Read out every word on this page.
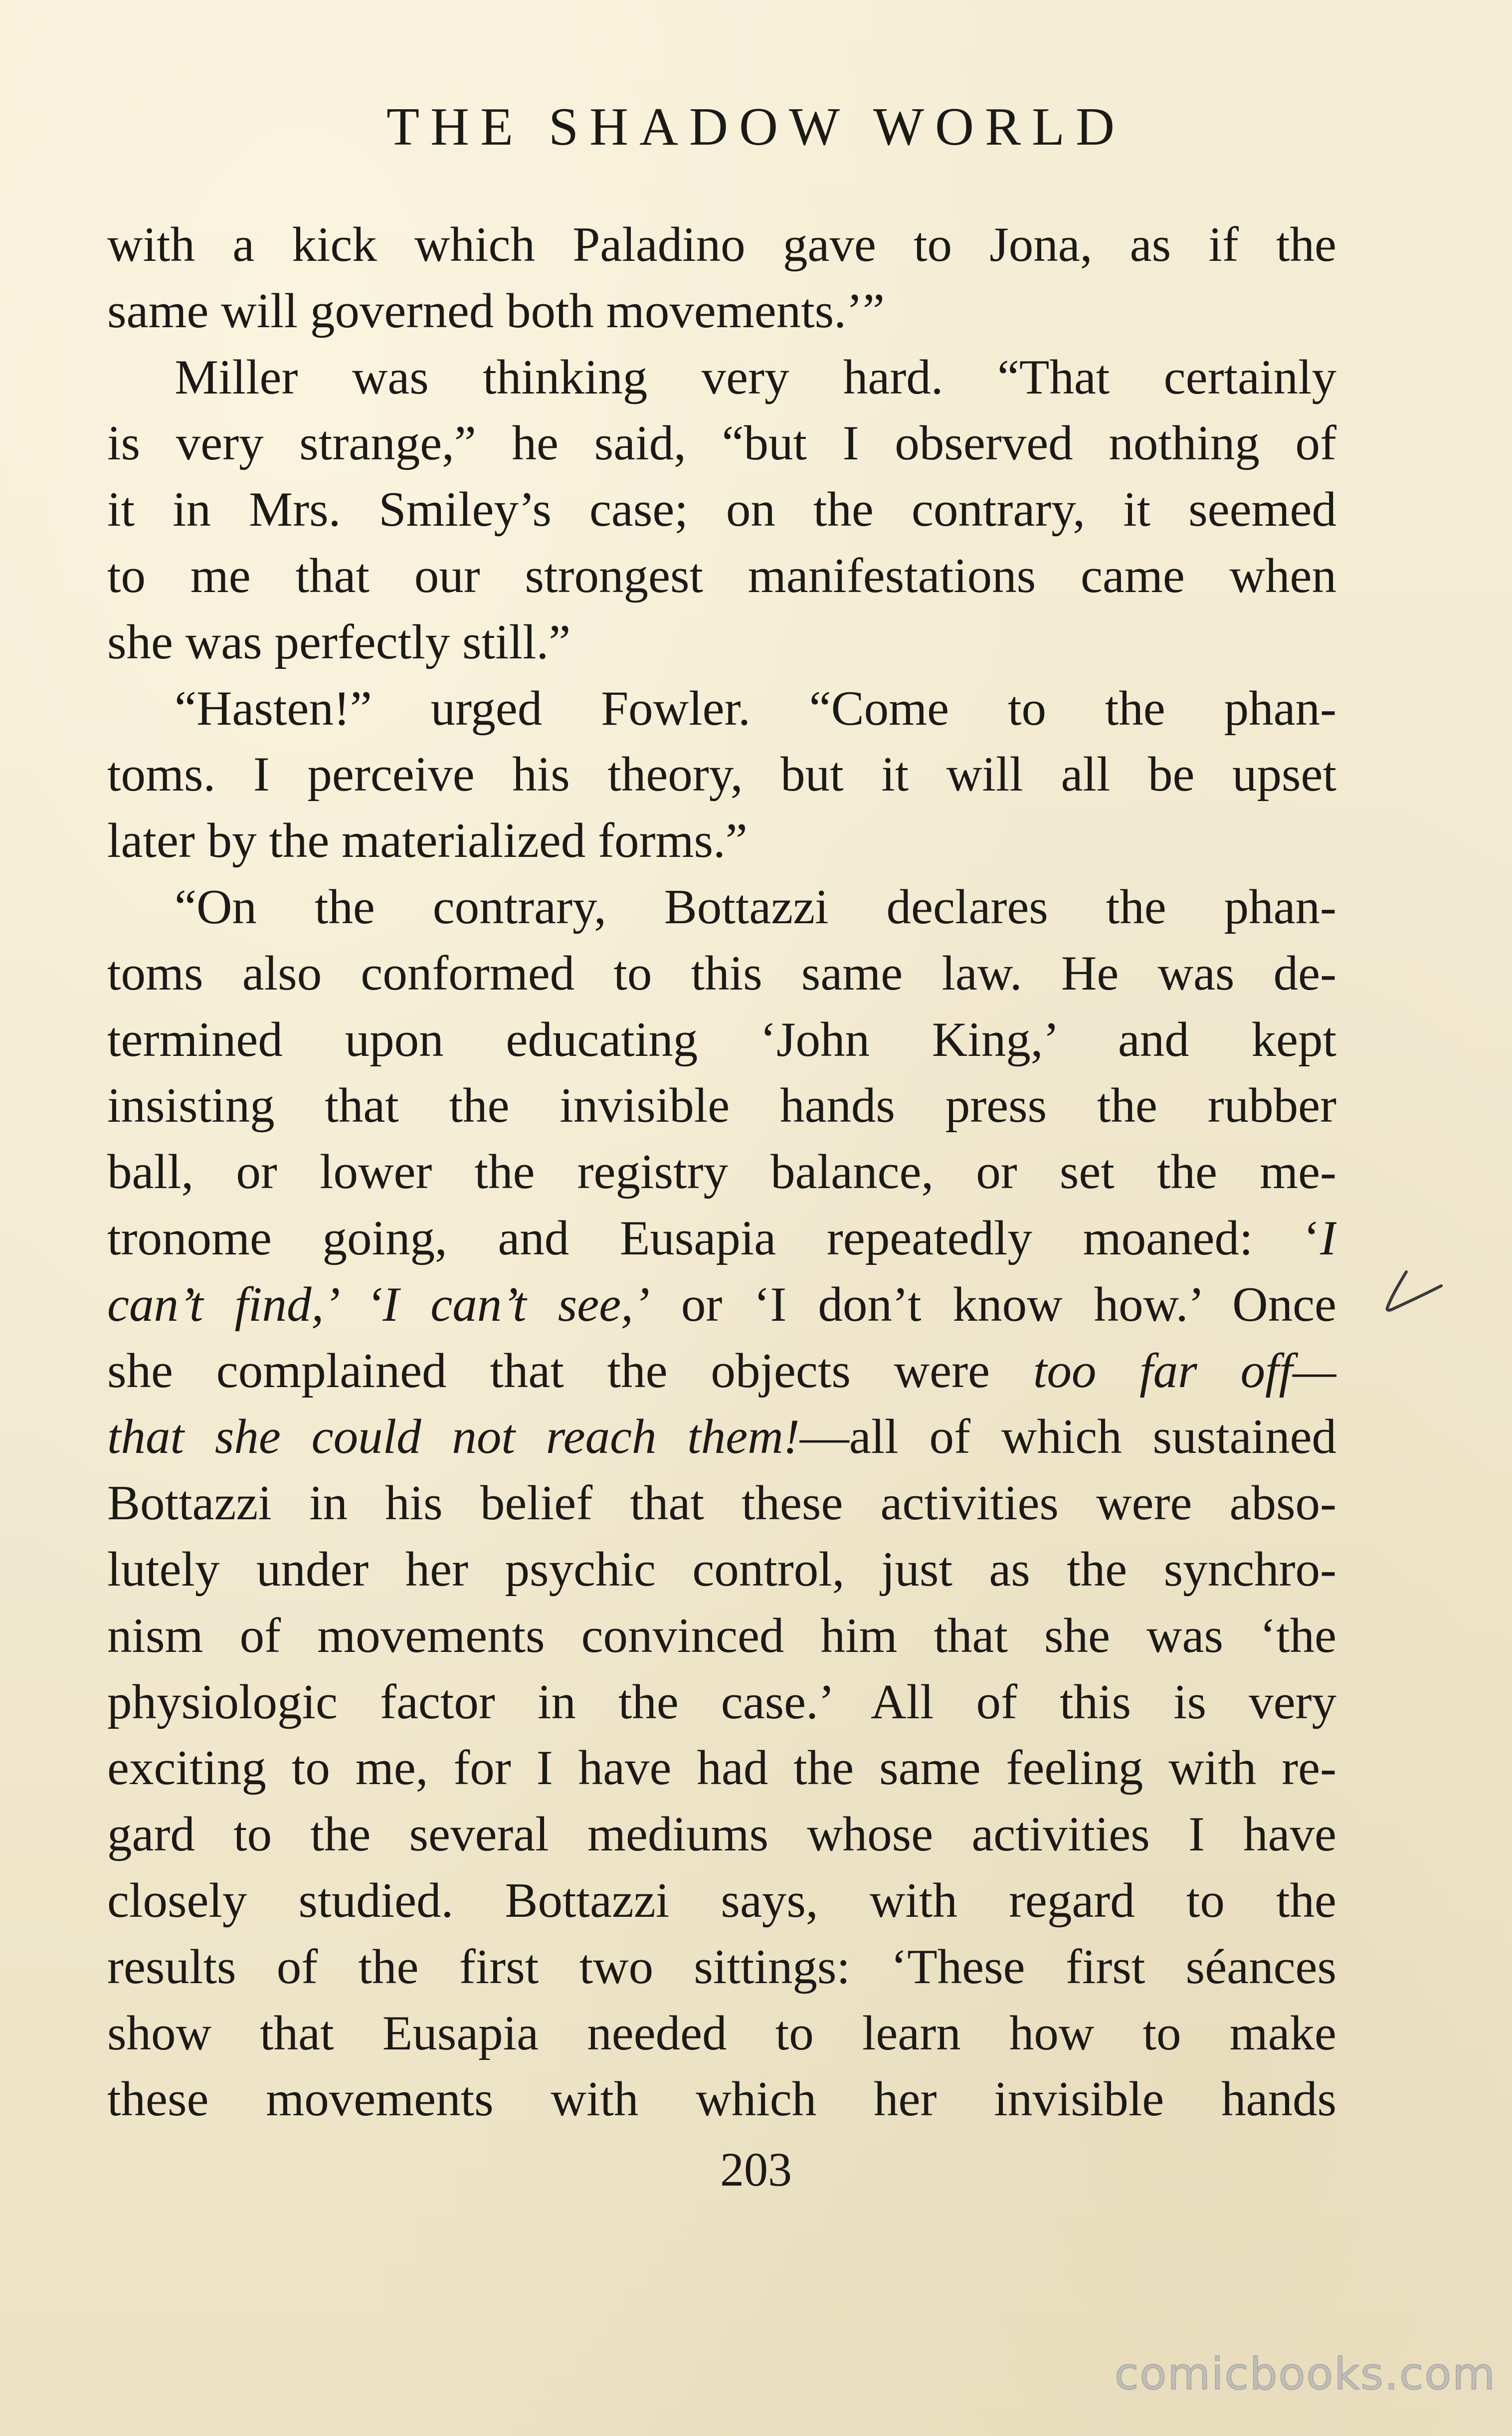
THE SHADOW WORLD
with a kick which Paladino gave to Jona, as if the
same will governed both movements.’”
Miller was thinking very hard. “That certainly
is very strange,” he said, “but I observed nothing of
it in Mrs. Smiley’s case; on the contrary, it seemed
to me that our strongest manifestations came when
she was perfectly still.”
“Hasten!” urged Fowler. “Come to the phan-
toms. I perceive his theory, but it will all be upset
later by the materialized forms.”
“On the contrary, Bottazzi declares the phan-
toms also conformed to this same law. He was de-
termined upon educating ‘John King,’ and kept
insisting that the invisible hands press the rubber
ball, or lower the registry balance, or set the me-
tronome going, and Eusapia repeatedly moaned: ‘I
can’t find,’ ‘I can’t see,’ or ‘I don’t know how.’ Once
she complained that the objects were too far off—
that she could not reach them!—all of which sustained
Bottazzi in his belief that these activities were abso-
lutely under her psychic control, just as the synchro-
nism of movements convinced him that she was ‘the
physiologic factor in the case.’ All of this is very
exciting to me, for I have had the same feeling with re-
gard to the several mediums whose activities I have
closely studied. Bottazzi says, with regard to the
results of the first two sittings: ‘These first séances
show that Eusapia needed to learn how to make
these movements with which her invisible hands
203
comicbooks.com
